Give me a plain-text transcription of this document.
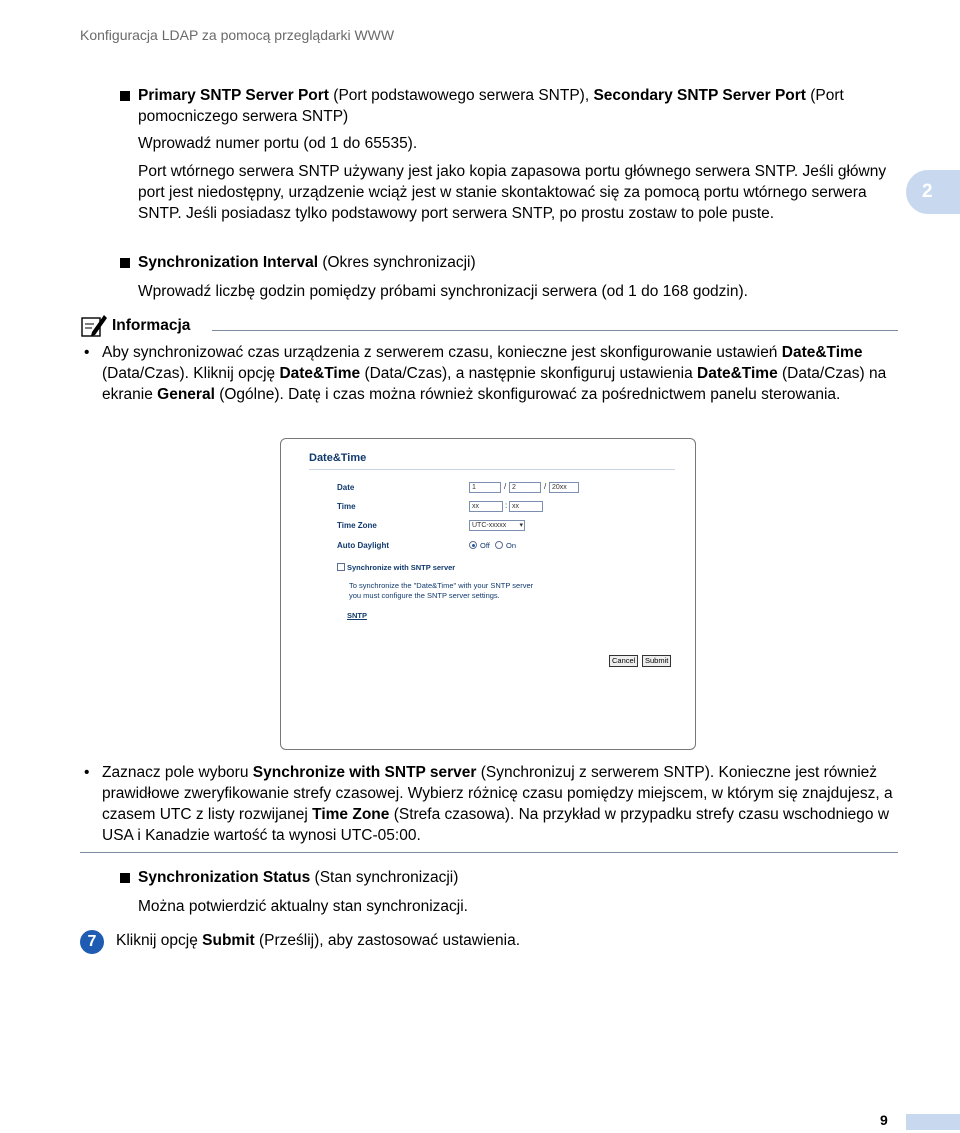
Konfiguracja LDAP za pomocą przeglądarki WWW
2
Primary SNTP Server Port (Port podstawowego serwera SNTP), Secondary SNTP Server Port (Port pomocniczego serwera SNTP)
Wprowadź numer portu (od 1 do 65535).
Port wtórnego serwera SNTP używany jest jako kopia zapasowa portu głównego serwera SNTP. Jeśli główny port jest niedostępny, urządzenie wciąż jest w stanie skontaktować się za pomocą portu wtórnego serwera SNTP. Jeśli posiadasz tylko podstawowy port serwera SNTP, po prostu zostaw to pole puste.
Synchronization Interval (Okres synchronizacji)
Wprowadź liczbę godzin pomiędzy próbami synchronizacji serwera (od 1 do 168 godzin).
Informacja
• Aby synchronizować czas urządzenia z serwerem czasu, konieczne jest skonfigurowanie ustawień Date&Time (Data/Czas). Kliknij opcję Date&Time (Data/Czas), a następnie skonfiguruj ustawienia Date&Time (Data/Czas) na ekranie General (Ogólne). Datę i czas można również skonfigurować za pośrednictwem panelu sterowania.
Date&Time
Date	1	/ 2	/ 20xx
Time	xx	: xx
Time Zone	UTC-xxxxx ▾
Auto Daylight	Off On
Synchronize with SNTP server
To synchronize the "Date&Time" with your SNTP server
you must configure the SNTP server settings.
SNTP
Cancel	Submit
• Zaznacz pole wyboru Synchronize with SNTP server (Synchronizuj z serwerem SNTP). Konieczne jest również prawidłowe zweryfikowanie strefy czasowej. Wybierz różnicę czasu pomiędzy miejscem, w którym się znajdujesz, a czasem UTC z listy rozwijanej Time Zone (Strefa czasowa). Na przykład w przypadku strefy czasu wschodniego w USA i Kanadzie wartość ta wynosi UTC-05:00.
Synchronization Status (Stan synchronizacji)
Można potwierdzić aktualny stan synchronizacji.
7	Kliknij opcję Submit (Prześlij), aby zastosować ustawienia.
9
